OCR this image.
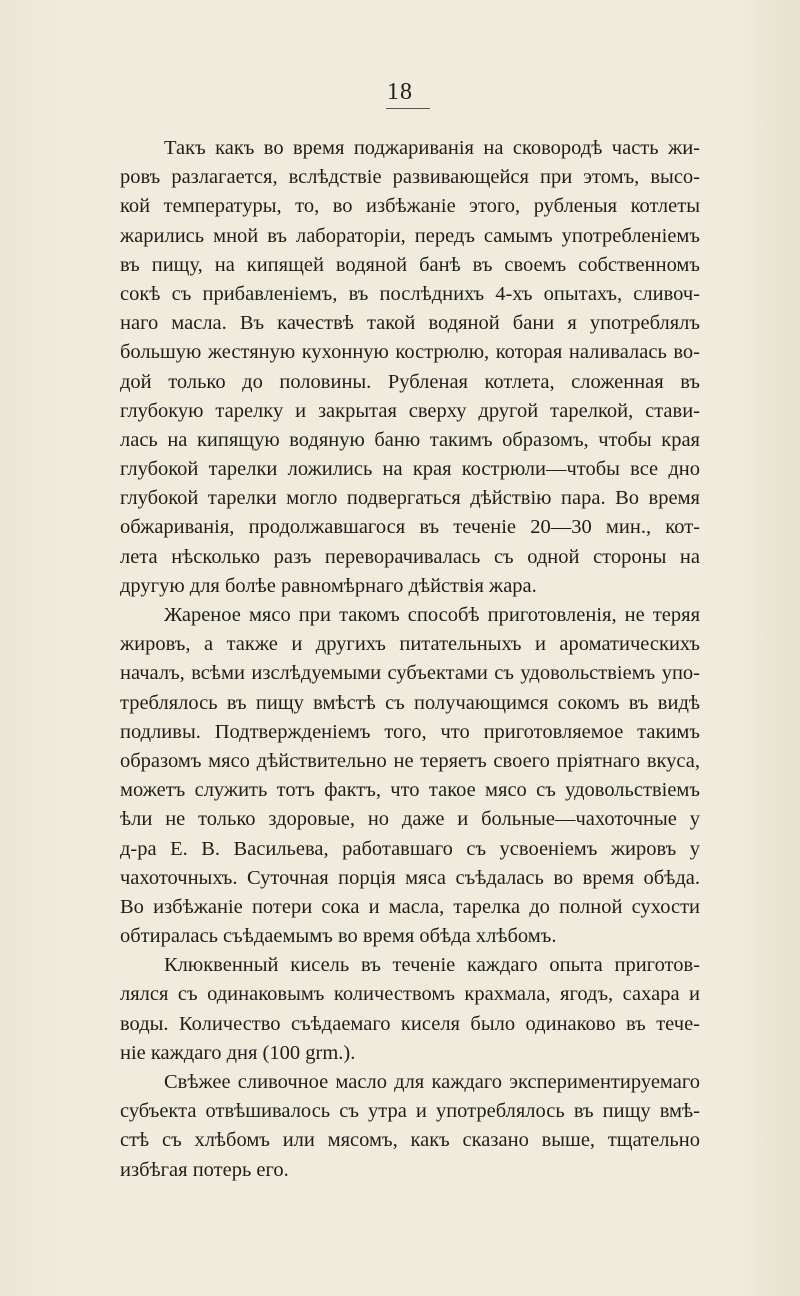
18
Такъ какъ во время поджариванія на сковородѣ часть жи-
ровъ разлагается, вслѣдствіе развивающейся при этомъ, высо-
кой температуры, то, во избѣжаніе этого, рубленыя котлеты
жарились мной въ лабораторіи, передъ самымъ употребленіемъ
въ пищу, на кипящей водяной банѣ въ своемъ собственномъ
сокѣ съ прибавленіемъ, въ послѣднихъ 4-хъ опытахъ, сливоч-
наго масла. Въ качествѣ такой водяной бани я употреблялъ
большую жестяную кухонную кострюлю, которая наливалась во-
дой только до половины. Рубленая котлета, сложенная въ
глубокую тарелку и закрытая сверху другой тарелкой, стави-
лась на кипящую водяную баню такимъ образомъ, чтобы края
глубокой тарелки ложились на края кострюли—чтобы все дно
глубокой тарелки могло подвергаться дѣйствію пара. Во время
обжариванія, продолжавшагося въ теченіе 20—30 мин., кот-
лета нѣсколько разъ переворачивалась съ одной стороны на
другую для болѣе равномѣрнаго дѣйствія жара.
Жареное мясо при такомъ способѣ приготовленія, не теряя
жировъ, а также и другихъ питательныхъ и ароматическихъ
началъ, всѣми изслѣдуемыми субъектами съ удовольствіемъ упо-
треблялось въ пищу вмѣстѣ съ получающимся сокомъ въ видѣ
подливы. Подтвержденіемъ того, что приготовляемое такимъ
образомъ мясо дѣйствительно не теряетъ своего пріятнаго вкуса,
можетъ служить тотъ фактъ, что такое мясо съ удовольствіемъ
ѣли не только здоровые, но даже и больные—чахоточные у
д-ра Е. В. Васильева, работавшаго съ усвоеніемъ жировъ у
чахоточныхъ. Суточная порція мяса съѣдалась во время обѣда.
Во избѣжаніе потери сока и масла, тарелка до полной сухости
обтиралась съѣдаемымъ во время обѣда хлѣбомъ.
Клюквенный кисель въ теченіе каждаго опыта приготов-
лялся съ одинаковымъ количествомъ крахмала, ягодъ, сахара и
воды. Количество съѣдаемаго киселя было одинаково въ тече-
ніе каждаго дня (100 grm.).
Свѣжее сливочное масло для каждаго экспериментируемаго
субъекта отвѣшивалось съ утра и употреблялось въ пищу вмѣ-
стѣ съ хлѣбомъ или мясомъ, какъ сказано выше, тщательно
избѣгая потерь его.
